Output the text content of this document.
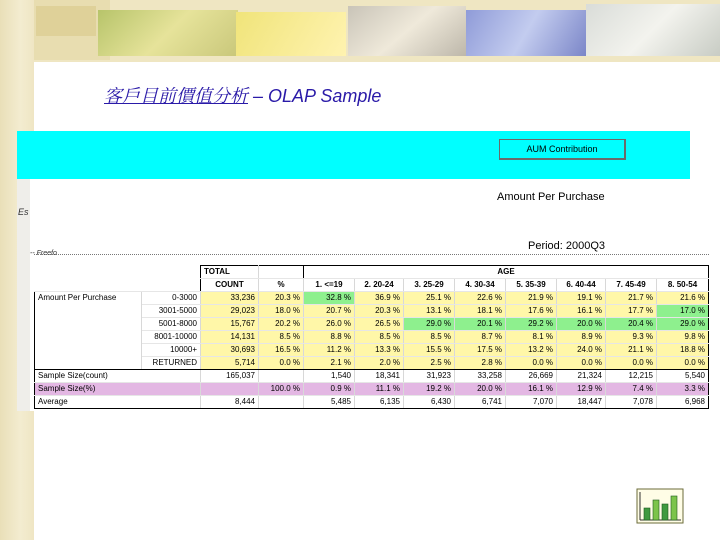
客戶目前價值分析 – OLAP Sample
AUM Contribution
Es
Amount Per Purchase
Period: 2000Q3
-- Freefo
		TOTAL		AGE							
		COUNT	%	1. <=19	2. 20-24	3. 25-29	4. 30-34	5. 35-39	6. 40-44	7. 45-49	8. 50-54
Amount Per Purchase	0-3000	33,236	20.3 %	32.8 %	36.9 %	25.1 %	22.6 %	21.9 %	19.1 %	21.7 %	21.6 %
	3001-5000	29,023	18.0 %	20.7 %	20.3 %	13.1 %	18.1 %	17.6 %	16.1 %	17.7 %	17.0 %
	5001-8000	15,767	20.2 %	26.0 %	26.5 %	29.0 %	20.1 %	29.2 %	20.0 %	20.4 %	29.0 %
	8001-10000	14,131	8.5 %	8.8 %	8.5 %	8.5 %	8.7 %	8.1 %	8.9 %	9.3 %	9.8 %
	10000+	30,693	16.5 %	11.2 %	13.3 %	15.5 %	17.5 %	13.2 %	24.0 %	21.1 %	18.8 %
	RETURNED	5,714	0.0 %	2.1 %	2.0 %	2.5 %	2.8 %	0.0 %	0.0 %	0.0 %	0.0 %
Sample Size(count)		165,037		1,540	18,341	31,923	33,258	26,669	21,324	12,215	5,540
Sample Size(%)			100.0 %	0.9 %	11.1 %	19.2 %	20.0 %	16.1 %	12.9 %	7.4 %	3.3 %
Average		8,444		5,485	6,135	6,430	6,741	7,070	18,447	7,078	6,968
